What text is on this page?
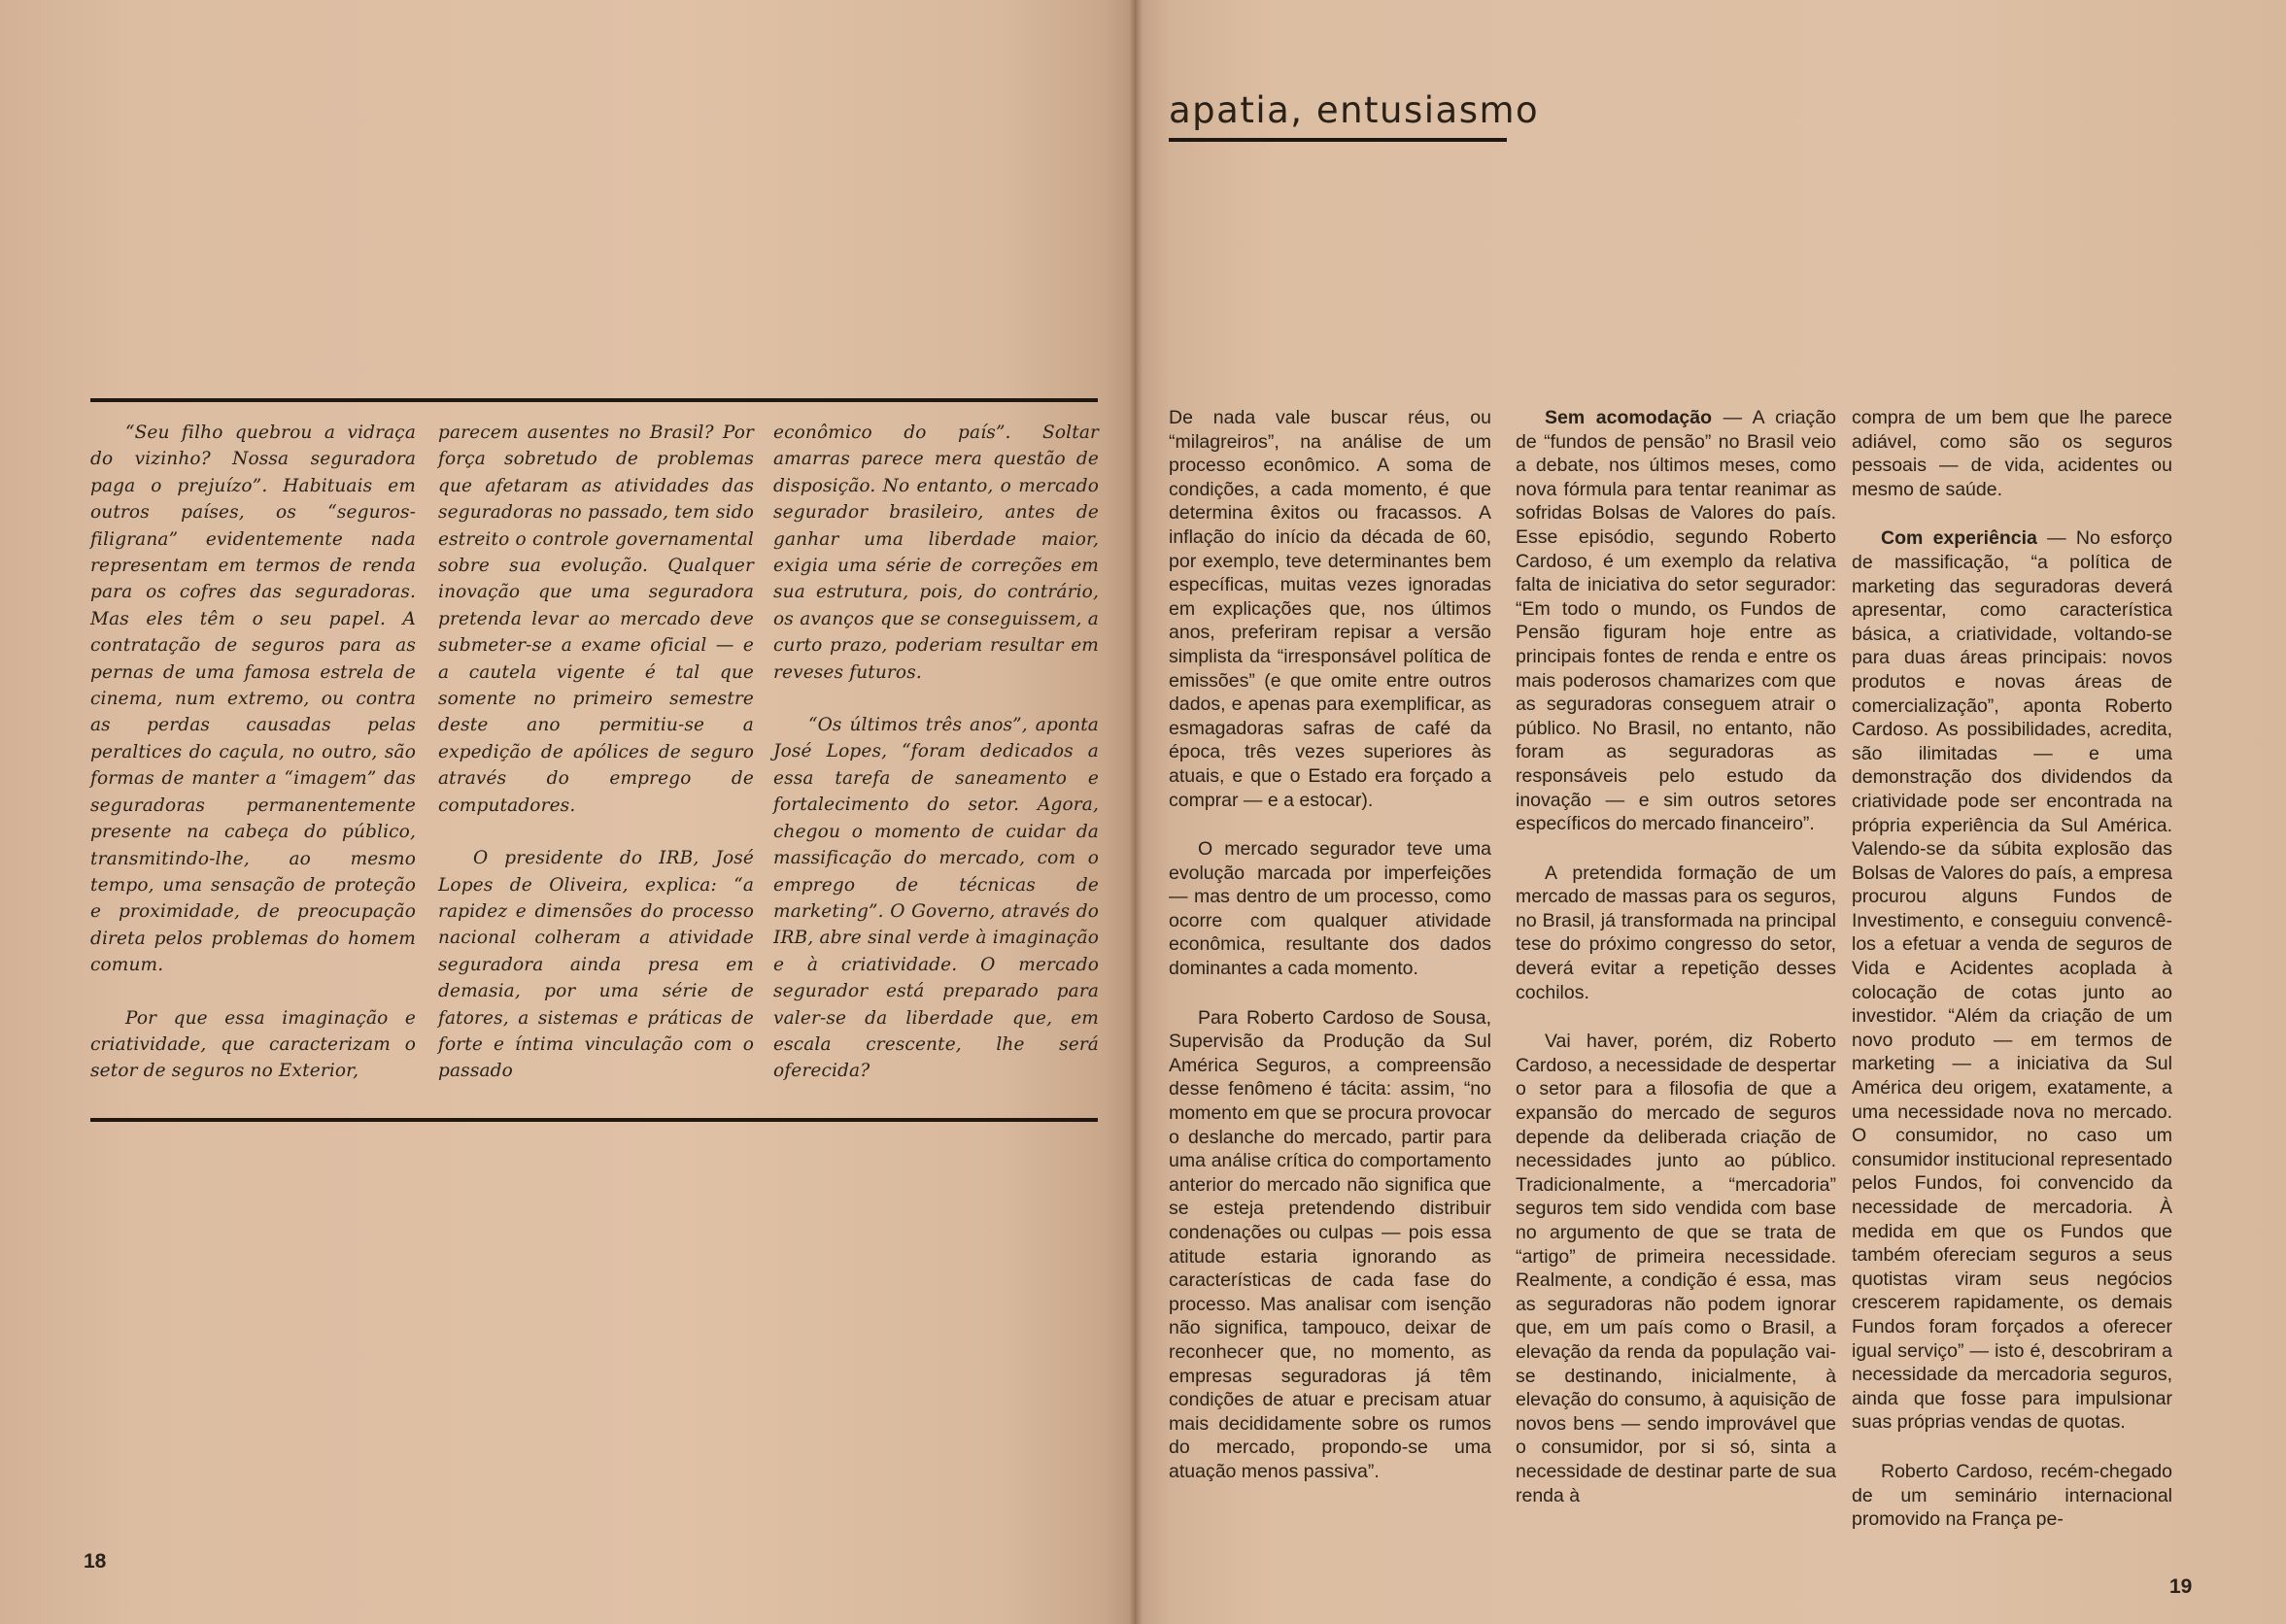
“Seu filho quebrou a vidraça do vizinho? Nossa seguradora paga o prejuízo”. Habituais em outros países, os “seguros-filigrana” evidentemente nada representam em termos de renda para os cofres das seguradoras. Mas eles têm o seu papel. A contratação de seguros para as pernas de uma famosa estrela de cinema, num extremo, ou contra as perdas causadas pelas peraltices do caçula, no outro, são formas de manter a “imagem” das seguradoras permanentemente presente na cabeça do público, transmitindo-lhe, ao mesmo tempo, uma sensação de proteção e proximidade, de preocupação direta pelos problemas do homem comum.

Por que essa imaginação e criatividade, que caracterizam o setor de seguros no Exterior,

parecem ausentes no Brasil? Por força sobretudo de problemas que afetaram as atividades das seguradoras no passado, tem sido estreito o controle governamental sobre sua evolução. Qualquer inovação que uma seguradora pretenda levar ao mercado deve submeter-se a exame oficial — e a cautela vigente é tal que somente no primeiro semestre deste ano permitiu-se a expedição de apólices de seguro através do emprego de computadores.

O presidente do IRB, José Lopes de Oliveira, explica: “a rapidez e dimensões do processo nacional colheram a atividade seguradora ainda presa em demasia, por uma série de fatores, a sistemas e práticas de forte e íntima vinculação com o passado

econômico do país”. Soltar amarras parece mera questão de disposição. No entanto, o mercado segurador brasileiro, antes de ganhar uma liberdade maior, exigia uma série de correções em sua estrutura, pois, do contrário, os avanços que se conseguissem, a curto prazo, poderiam resultar em reveses futuros.

“Os últimos três anos”, aponta José Lopes, “foram dedicados a essa tarefa de saneamento e fortalecimento do setor. Agora, chegou o momento de cuidar da massificação do mercado, com o emprego de técnicas de marketing”. O Governo, através do IRB, abre sinal verde à imaginação e à criatividade. O mercado segurador está preparado para valer-se da liberdade que, em escala crescente, lhe será oferecida?

18
apatia, entusiasmo

De nada vale buscar réus, ou “milagreiros”, na análise de um processo econômico. A soma de condições, a cada momento, é que determina êxitos ou fracassos. A inflação do início da década de 60, por exemplo, teve determinantes bem específicas, muitas vezes ignoradas em explicações que, nos últimos anos, preferiram repisar a versão simplista da “irresponsável política de emissões” (e que omite entre outros dados, e apenas para exemplificar, as esmagadoras safras de café da época, três vezes superiores às atuais, e que o Estado era forçado a comprar — e a estocar).

O mercado segurador teve uma evolução marcada por imperfeições — mas dentro de um processo, como ocorre com qualquer atividade econômica, resultante dos dados dominantes a cada momento.

Para Roberto Cardoso de Sousa, Supervisão da Produção da Sul América Seguros, a compreensão desse fenômeno é tácita: assim, “no momento em que se procura provocar o deslanche do mercado, partir para uma análise crítica do comportamento anterior do mercado não significa que se esteja pretendendo distribuir condenações ou culpas — pois essa atitude estaria ignorando as características de cada fase do processo. Mas analisar com isenção não significa, tampouco, deixar de reconhecer que, no momento, as empresas seguradoras já têm condições de atuar e precisam atuar mais decididamente sobre os rumos do mercado, propondo-se uma atuação menos passiva”.

Sem acomodação — A criação de “fundos de pensão” no Brasil veio a debate, nos últimos meses, como nova fórmula para tentar reanimar as sofridas Bolsas de Valores do país. Esse episódio, segundo Roberto Cardoso, é um exemplo da relativa falta de iniciativa do setor segurador: “Em todo o mundo, os Fundos de Pensão figuram hoje entre as principais fontes de renda e entre os mais poderosos chamarizes com que as seguradoras conseguem atrair o público. No Brasil, no entanto, não foram as seguradoras as responsáveis pelo estudo da inovação — e sim outros setores específicos do mercado financeiro”.

A pretendida formação de um mercado de massas para os seguros, no Brasil, já transformada na principal tese do próximo congresso do setor, deverá evitar a repetição desses cochilos.

Vai haver, porém, diz Roberto Cardoso, a necessidade de despertar o setor para a filosofia de que a expansão do mercado de seguros depende da deliberada criação de necessidades junto ao público. Tradicionalmente, a “mercadoria” seguros tem sido vendida com base no argumento de que se trata de “artigo” de primeira necessidade. Realmente, a condição é essa, mas as seguradoras não podem ignorar que, em um país como o Brasil, a elevação da renda da população vai-se destinando, inicialmente, à elevação do consumo, à aquisição de novos bens — sendo improvável que o consumidor, por si só, sinta a necessidade de destinar parte de sua renda à

compra de um bem que lhe parece adiável, como são os seguros pessoais — de vida, acidentes ou mesmo de saúde.

Com experiência — No esforço de massificação, “a política de marketing das seguradoras deverá apresentar, como característica básica, a criatividade, voltando-se para duas áreas principais: novos produtos e novas áreas de comercialização”, aponta Roberto Cardoso. As possibilidades, acredita, são ilimitadas — e uma demonstração dos dividendos da criatividade pode ser encontrada na própria experiência da Sul América. Valendo-se da súbita explosão das Bolsas de Valores do país, a empresa procurou alguns Fundos de Investimento, e conseguiu convencê-los a efetuar a venda de seguros de Vida e Acidentes acoplada à colocação de cotas junto ao investidor. “Além da criação de um novo produto — em termos de marketing — a iniciativa da Sul América deu origem, exatamente, a uma necessidade nova no mercado. O consumidor, no caso um consumidor institucional representado pelos Fundos, foi convencido da necessidade de mercadoria. À medida em que os Fundos que também ofereciam seguros a seus quotistas viram seus negócios crescerem rapidamente, os demais Fundos foram forçados a oferecer igual serviço” — isto é, descobriram a necessidade da mercadoria seguros, ainda que fosse para impulsionar suas próprias vendas de quotas.

Roberto Cardoso, recém-chegado de um seminário internacional promovido na França pe-

19
